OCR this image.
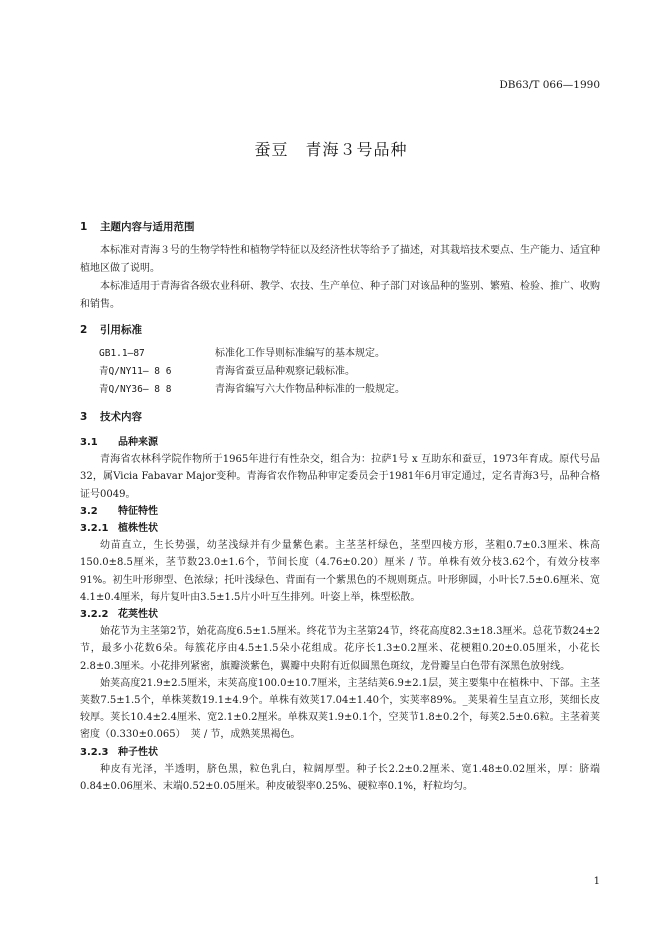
DB63/T 066—1990
蚕豆　青海３号品种
1 主题内容与适用范围

本标准对青海３号的生物学特性和植物学特征以及经济性状等给予了描述，对其栽培技术要点、生产能力、适宜种植地区做了说明。

本标准适用于青海省各级农业科研、教学、农技、生产单位、种子部门对该品种的鉴别、繁殖、检验、推广、收购和销售。

2 引用标准
GB1.1—87	标准化工作导则标准编写的基本规定。
青Q/NY11— 8 6	青海省蚕豆品种观察记载标准。
青Q/NY36— 8 8	青海省编写六大作物品种标准的一般规定。
3 技术内容
3.1 品种来源

青海省农林科学院作物所于1965年进行有性杂交，组合为：拉萨1号 x 互助东和蚕豆，1973年育成。原代号品32，属Vicia Fabavar Major变种。青海省农作物品种审定委员会于1981年6月审定通过，定名青海3号，品种合格证号0049。

3.2 特征特性
3.2.1 植株性状

幼苗直立，生长势强，幼茎浅绿并有少量紫色素。主茎茎杆绿色，茎型四棱方形，茎粗0.7±0.3厘米、株高150.0±8.5厘米，茎节数23.0±1.6个，节间长度（4.76±0.20）厘米 / 节。单株有效分枝3.62个，有效分枝率91%。初生叶形卵型、色浓绿；托叶浅绿色、背面有一个紫黑色的不规则斑点。叶形卵圆，小叶长7.5±0.6厘米、宽4.1±0.4厘米，每片复叶由3.5±1.5片小叶互生排列。叶姿上举，株型松散。

3.2.2 花荚性状

始花节为主茎第2节，始花高度6.5±1.5厘米。终花节为主茎第24节，终花高度82.3±18.3厘米。总花节数24±2节，最多小花数6朵。每簇花序由4.5±1.5朵小花组成。花序长1.3±0.2厘米、花梗粗0.20±0.05厘米，小花长2.8±0.3厘米。小花排列紧密，旗瓣淡紫色，翼瓣中央附有近似圆黑色斑纹，龙骨瓣呈白色带有深黑色放射线。

始荚高度21.9±2.5厘米，末荚高度100.0±10.7厘米，主茎结荚6.9±2.1层，荚主要集中在植株中、下部。主茎荚数7.5±1.5个，单株荚数19.1±4.9个。单株有效荚17.04±1.40个，实荚率89%。_荚果着生呈直立形，荚细长皮较厚。荚长10.4±2.4厘米、宽2.1±0.2厘米。单株双荚1.9±0.1个，空荚节1.8±0.2个，每荚2.5±0.6粒。主茎着荚密度（0.330±0.065）　荚 / 节，成熟荚黑褐色。

3.2.3 种子性状

种皮有光泽，半透明，脐色黑，粒色乳白，粒阔厚型。种子长2.2±0.2厘米、宽1.48±0.02厘米，厚：脐端0.84±0.06厘米、末端0.52±0.05厘米。种皮破裂率0.25%、硬粒率0.1%，籽粒均匀。

1
